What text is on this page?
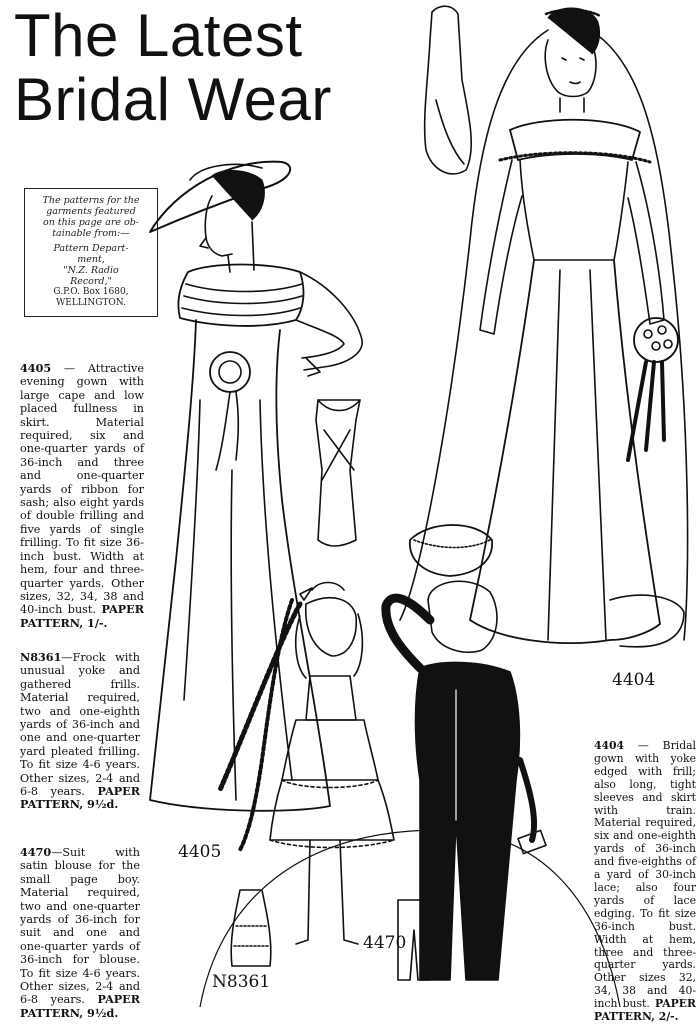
The Latest
Bridal Wear
The patterns for the
garments featured
on this page are ob-
tainable from:—
Pattern Depart-
ment,
"N.Z. Radio
Record,"
G.P.O. Box 1680,
WELLINGTON.
4405 — Attractive evening gown with large cape and low placed fullness in skirt. Material required, six and one-quarter yards of 36-inch and three and one-quarter yards of ribbon for sash; also eight yards of double frilling and five yards of single frilling. To fit size 36-inch bust. Width at hem, four and three-quarter yards. Other sizes, 32, 34, 38 and 40-inch bust. PAPER PATTERN, 1/-.
N8361—Frock with unusual yoke and gathered frills. Material required, two and one-eighth yards of 36-inch and one and one-quarter yard pleated frilling. To fit size 4-6 years. Other sizes, 2-4 and 6-8 years. PAPER PATTERN, 9½d.
4470—Suit with satin blouse for the small page boy. Material required, two and one-quarter yards of 36-inch for suit and one and one-quarter yards of 36-inch for blouse. To fit size 4-6 years. Other sizes, 2-4 and 6-8 years. PAPER PATTERN, 9½d.
4404 — Bridal gown with yoke edged with frill; also long, tight sleeves and skirt with train. Material required, six and one-eighth yards of 36-inch and five-eighths of a yard of 30-inch lace; also four yards of lace edging. To fit size 36-inch bust. Width at hem, three and three-quarter yards. Other sizes 32, 34, 38 and 40-inch bust. PAPER PATTERN, 2/-.
4405
4404
4470
N8361
